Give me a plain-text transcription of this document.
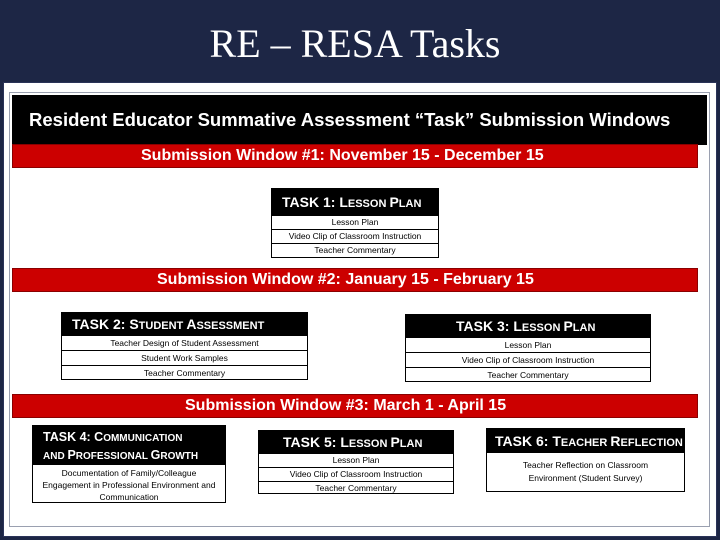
RE – RESA Tasks
Resident Educator Summative Assessment “Task” Submission Windows
Submission Window #1: November 15 - December 15
TASK 1: LESSON PLAN
Lesson Plan
Video Clip of Classroom Instruction
Teacher Commentary
Submission Window #2: January 15 - February 15
TASK 2: STUDENT ASSESSMENT
Teacher Design of Student Assessment
Student Work Samples
Teacher Commentary
TASK 3: LESSON PLAN
Lesson Plan
Video Clip of Classroom Instruction
Teacher Commentary
Submission Window #3: March 1 - April 15
TASK 4: COMMUNICATION
AND PROFESSIONAL GROWTH
Documentation of Family/Colleague Engagement in Professional Environment and Communication
TASK 5: LESSON PLAN
Lesson Plan
Video Clip of Classroom Instruction
Teacher Commentary
TASK 6: TEACHER REFLECTION
Teacher Reflection on Classroom Environment (Student Survey)
